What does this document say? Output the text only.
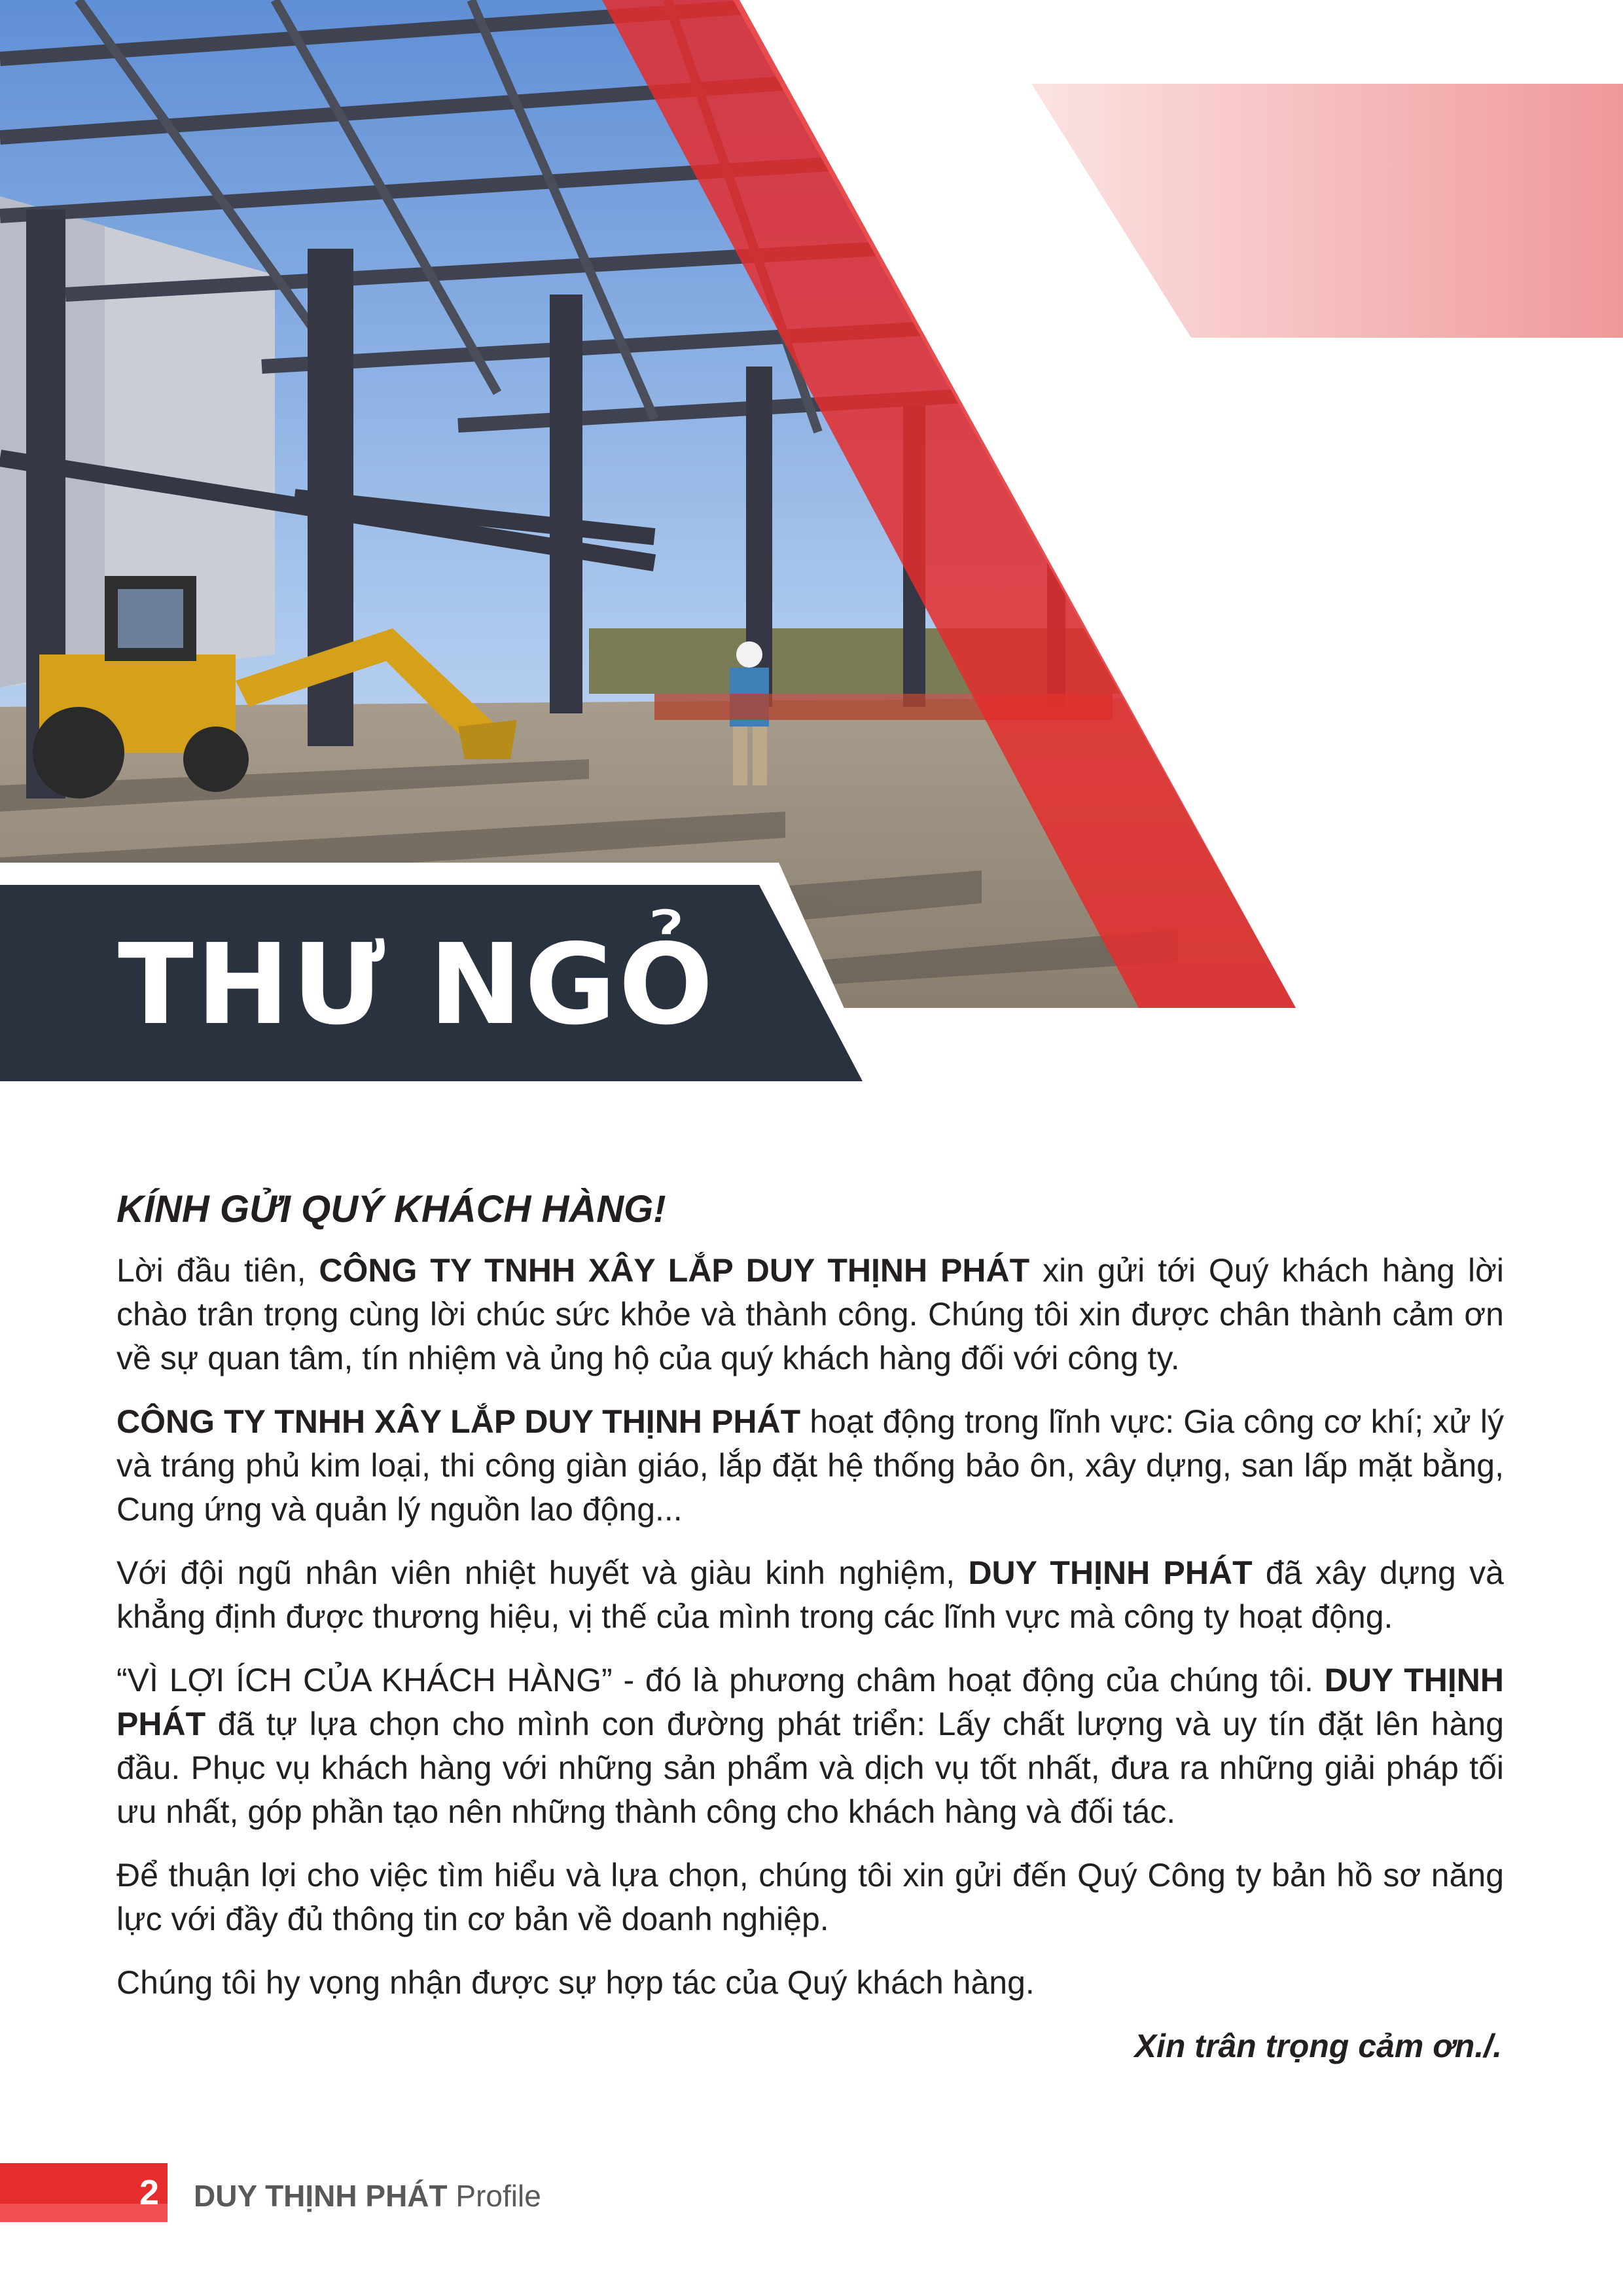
THƯ NGỎ

KÍNH GỬI QUÝ KHÁCH HÀNG!

Lời đầu tiên, CÔNG TY TNHH XÂY LẮP DUY THỊNH PHÁT xin gửi tới Quý khách hàng lời chào trân trọng cùng lời chúc sức khỏe và thành công. Chúng tôi xin được chân thành cảm ơn về sự quan tâm, tín nhiệm và ủng hộ của quý khách hàng đối với công ty.

CÔNG TY TNHH XÂY LẮP DUY THỊNH PHÁT hoạt động trong lĩnh vực: Gia công cơ khí; xử lý và tráng phủ kim loại, thi công giàn giáo, lắp đặt hệ thống bảo ôn, xây dựng, san lấp mặt bằng, Cung ứng và quản lý nguồn lao động...

Với đội ngũ nhân viên nhiệt huyết và giàu kinh nghiệm, DUY THỊNH PHÁT đã xây dựng và khẳng định được thương hiệu, vị thế của mình trong các lĩnh vực mà công ty hoạt động.

“VÌ LỢI ÍCH CỦA KHÁCH HÀNG” - đó là phương châm hoạt động của chúng tôi. DUY THỊNH PHÁT đã tự lựa chọn cho mình con đường phát triển: Lấy chất lượng và uy tín đặt lên hàng đầu. Phục vụ khách hàng với những sản phẩm và dịch vụ tốt nhất, đưa ra những giải pháp tối ưu nhất, góp phần tạo nên những thành công cho khách hàng và đối tác.

Để thuận lợi cho việc tìm hiểu và lựa chọn, chúng tôi xin gửi đến Quý Công ty bản hồ sơ năng lực với đầy đủ thông tin cơ bản về doanh nghiệp.

Chúng tôi hy vọng nhận được sự hợp tác của Quý khách hàng.

Xin trân trọng cảm ơn./.

2 DUY THỊNH PHÁT Profile
